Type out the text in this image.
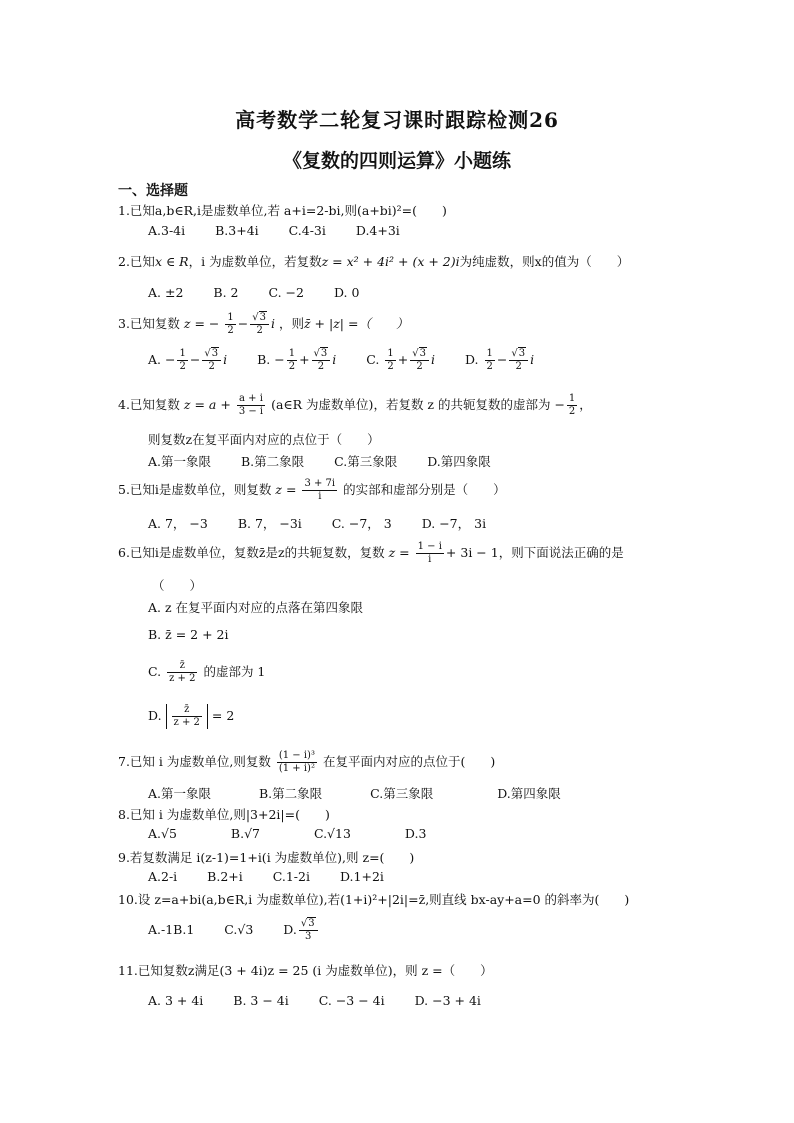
高考数学二轮复习课时跟踪检测26
《复数的四则运算》小题练
一、选择题
1.已知a,b∈R,i是虚数单位,若 a+i=2-bi,则(a+bi)²=(　　)
A.3-4i B.3+4i C.4-3i D.4+3i
2.已知x ∈ R，i 为虚数单位，若复数z = x² + 4i² + (x + 2)i为纯虚数，则x的值为（　　）
A. ±2 B. 2 C. −2 D. 0
3.已知复数 z = − $\frac{1}{2} - \frac{√3}{2}$ i ，则z̄ + |z| =（　　）
A. − $\frac{1}{2} - \frac{√3}{2}$ i B. − $\frac{1}{2} + \frac{√3}{2}$ i C. $\frac{1}{2} + \frac{√3}{2}$ i D. $\frac{1}{2} - \frac{√3}{2}$ i
4.已知复数 $z = a + \frac{a + i}{3 - i}$ (a∈R 为虚数单位)，若复数 z 的共轭复数的虚部为 − $\frac{1}{2}$ ，
则复数z在复平面内对应的点位于（　　）
A.第一象限 B.第二象限 C.第三象限 D.第四象限
5.已知i是虚数单位，则复数 $z = \frac{3 + 7i}{i}$ 的实部和虚部分别是（　　）
A. 7， −3 B. 7， −3i C. −7， 3 D. −7， 3i
6.已知i是虚数单位，复数z̄是z的共轭复数，复数 $z = \frac{1 - i}{i} + 3i - 1$，则下面说法正确的是
（　　）
A. z 在复平面内对应的点落在第四象限
B. z̄ = 2 + 2i
C. $\frac{z̄}{z + 2}$ 的虚部为 1
D. $\frac{z̄}{z + 2} = 2$
7.已知 i 为虚数单位,则复数 $\frac{\text{(1 − i)³}}{\text{(1 + i)²}}$ 在复平面内对应的点位于(　　)
A.第一象限	B.第二象限	C.第三象限	D.第四象限
8.已知 i 为虚数单位,则|3+2i|=(　　)
A.√5	B.√7	C.√13	D.3
9.若复数满足 i(z-1)=1+i(i 为虚数单位),则 z=(　　)
A.2-i B.2+i C.1-2i D.1+2i
10.设 z=a+bi(a,b∈R,i 为虚数单位),若(1+i)²+|2i|=z̄,则直线 bx-ay+a=0 的斜率为(　　)
A.-1B.1 C.√3 D. $\frac{√3}{3}$
11.已知复数z满足(3 + 4i)z = 25 (i 为虚数单位)，则 z =（　　）
A. 3 + 4i B. 3 − 4i C. −3 − 4i D. −3 + 4i
